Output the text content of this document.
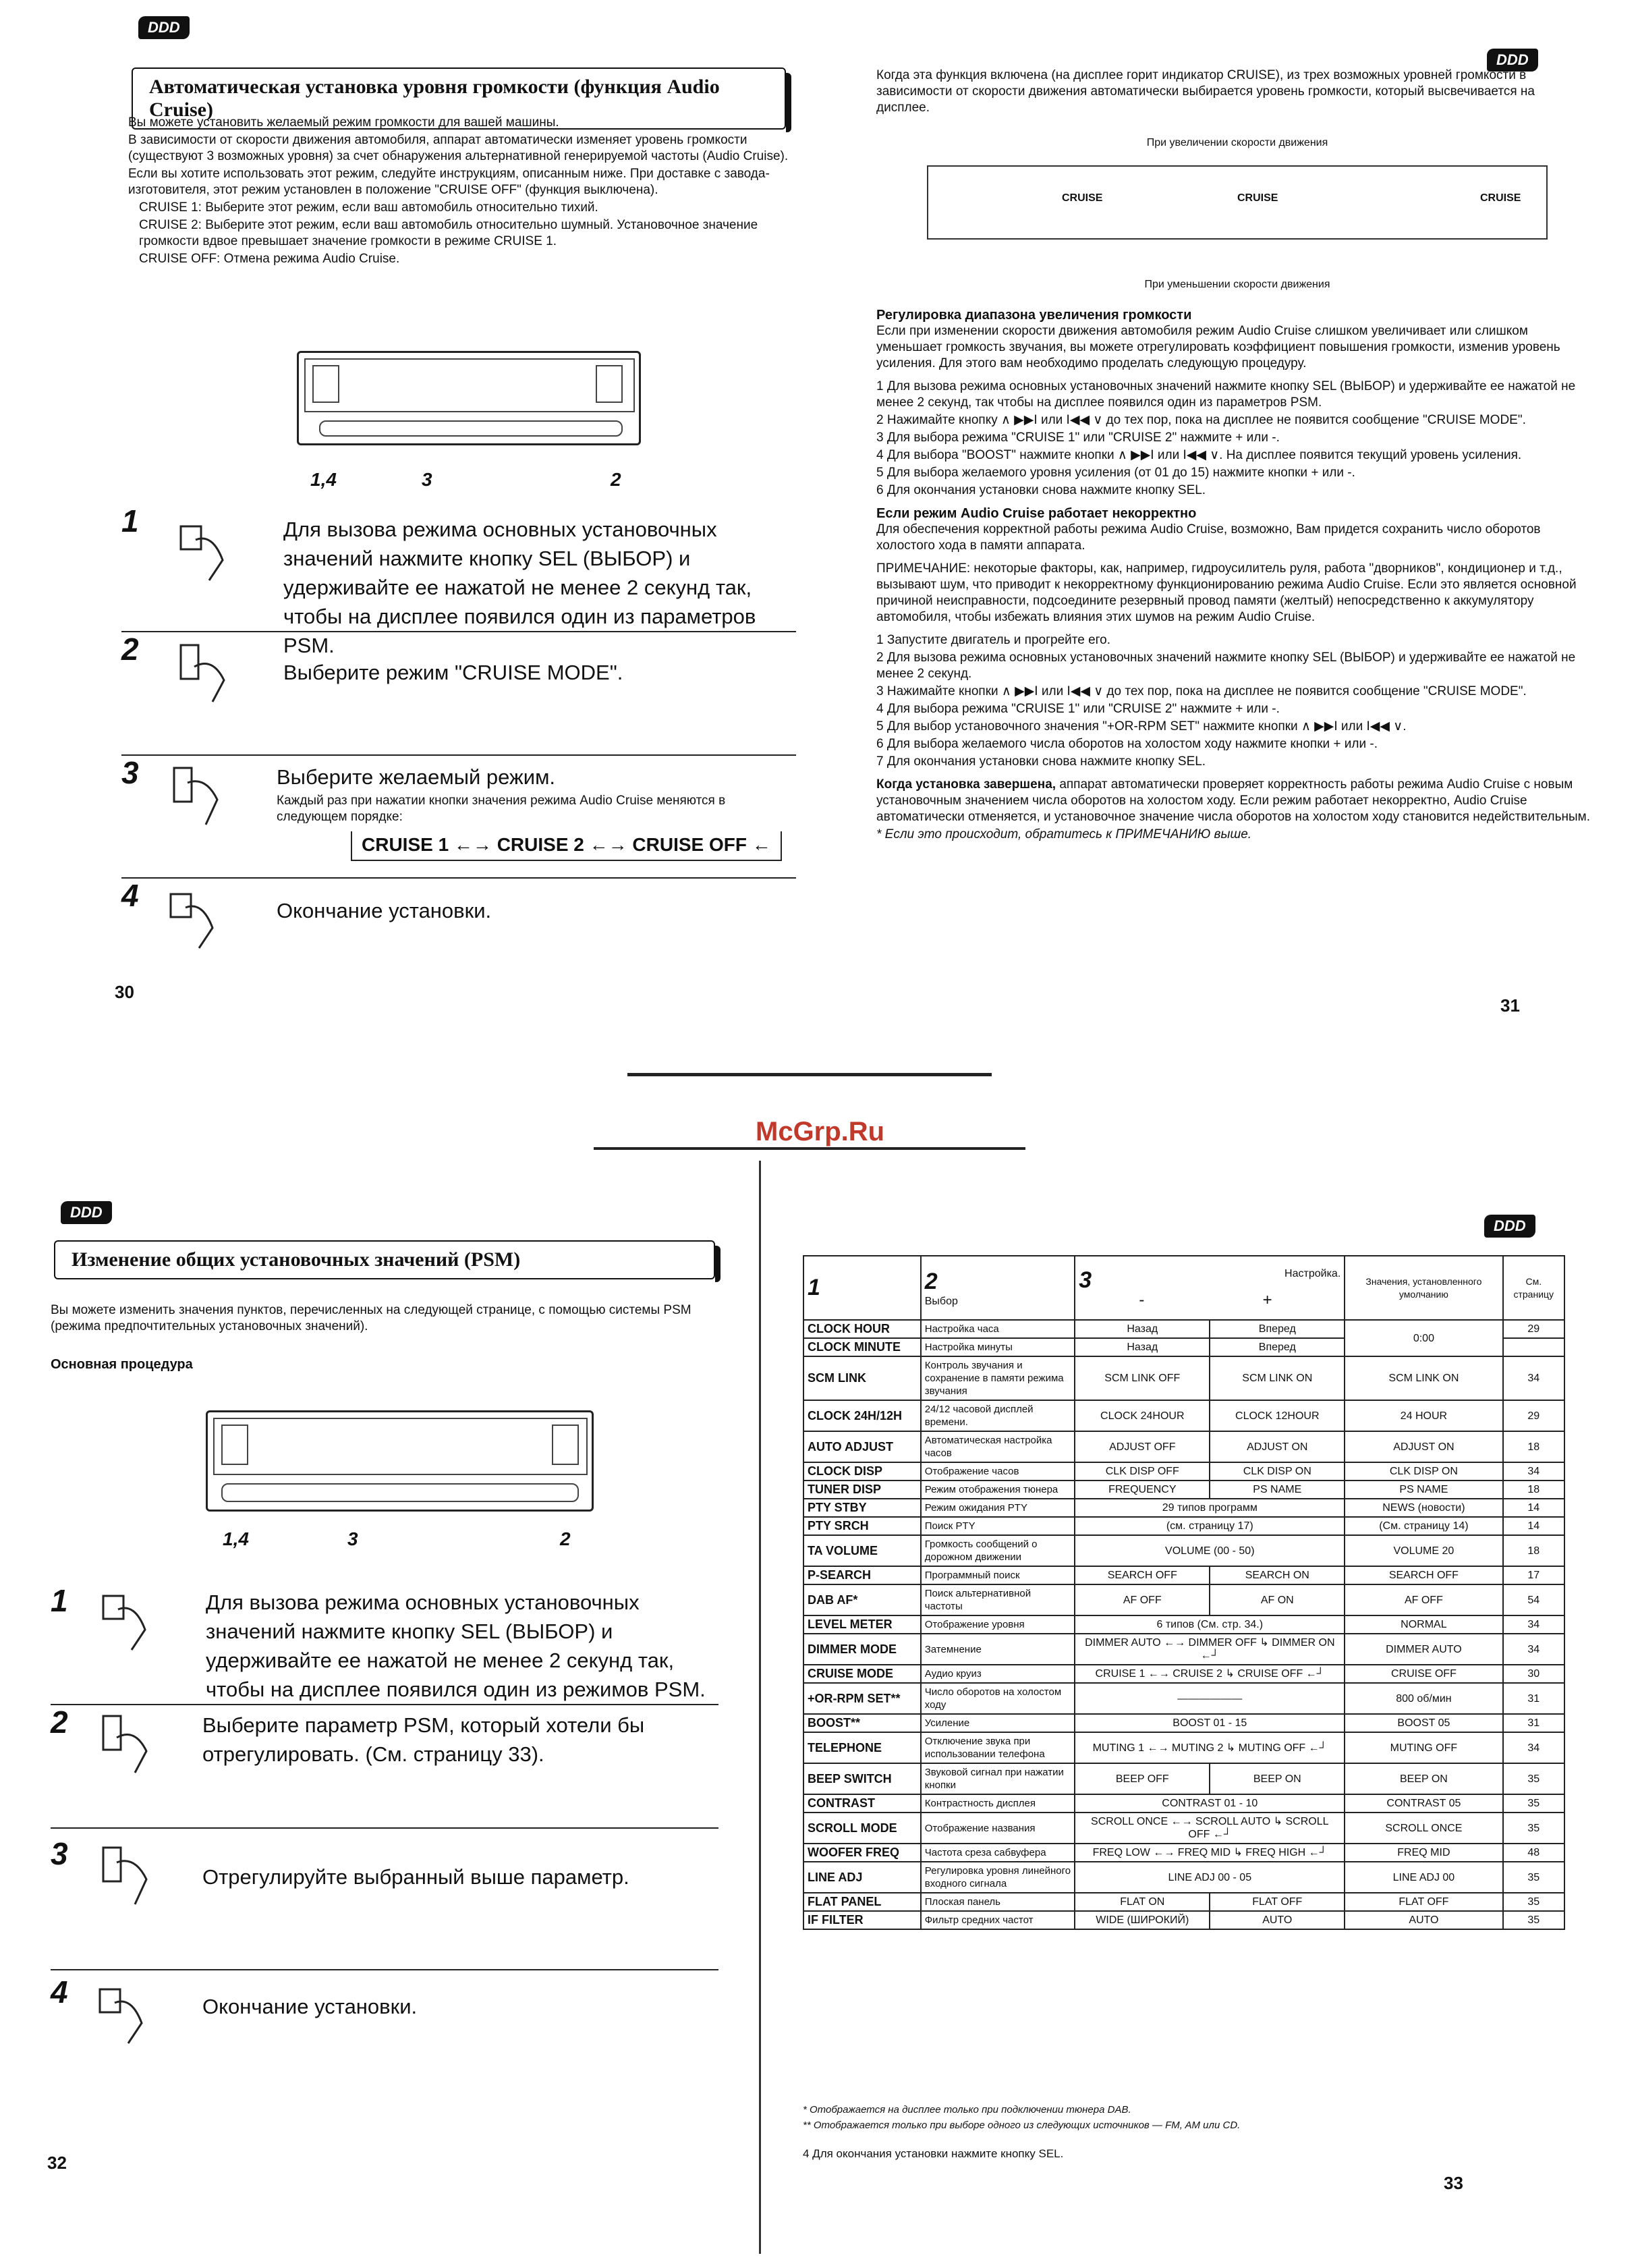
DDD
Автоматическая установка уровня громкости (функция Audio Cruise)
Вы можете установить желаемый режим громкости для вашей машины.
В зависимости от скорости движения автомобиля, аппарат автоматически изменяет уровень громкости (существуют 3 возможных уровня) за счет обнаружения альтернативной генерируемой частоты (Audio Cruise).
Если вы хотите использовать этот режим, следуйте инструкциям, описанным ниже. При доставке с завода-изготовителя, этот режим установлен в положение "CRUISE OFF" (функция выключена).
CRUISE 1: Выберите этот режим, если ваш автомобиль относительно тихий.
CRUISE 2: Выберите этот режим, если ваш автомобиль относительно шумный. Установочное значение громкости вдвое превышает значение громкости в режиме CRUISE 1.
CRUISE OFF: Отмена режима Audio Cruise.
1,4	3	2
1	Для вызова режима основных установочных значений нажмите кнопку SEL (ВЫБОР) и удерживайте ее нажатой не менее 2 секунд так, чтобы на дисплее появился один из параметров PSM.
2
Выберите режим "CRUISE MODE".
3	Выберите желаемый режим.
Каждый раз при нажатии кнопки значения режима Audio Cruise меняются в следующем порядке:
CRUISE 1 ←→ CRUISE 2 ←→ CRUISE OFF ←
4	Окончание установки.
30
DDD
Когда эта функция включена (на дисплее горит индикатор CRUISE), из трех возможных уровней громкости в зависимости от скорости движения автоматически выбирается уровень громкости, который высвечивается на дисплее.
При увеличении скорости движения
CRUISE	CRUISE	CRUISE
При уменьшении скорости движения
Регулировка диапазона увеличения громкости
Если при изменении скорости движения автомобиля режим Audio Cruise слишком увеличивает или слишком уменьшает громкость звучания, вы можете отрегулировать коэффициент повышения громкости, изменив уровень усиления. Для этого вам необходимо проделать следующую процедуру.
1 Для вызова режима основных установочных значений нажмите кнопку SEL (ВЫБОР) и удерживайте ее нажатой не менее 2 секунд, так чтобы на дисплее появился один из параметров PSM.
2 Нажимайте кнопку ∧ ▶▶I или I◀◀ ∨ до тех пор, пока на дисплее не появится сообщение "CRUISE MODE".
3 Для выбора режима "CRUISE 1" или "CRUISE 2" нажмите + или -.
4 Для выбора "BOOST" нажмите кнопки ∧ ▶▶I или I◀◀ ∨. На дисплее появится текущий уровень усиления.
5 Для выбора желаемого уровня усиления (от 01 до 15) нажмите кнопки + или -.
6 Для окончания установки снова нажмите кнопку SEL.
Если режим Audio Cruise работает некорректно
Для обеспечения корректной работы режима Audio Cruise, возможно, Вам придется сохранить число оборотов холостого хода в памяти аппарата.
ПРИМЕЧАНИЕ: некоторые факторы, как, например, гидроусилитель руля, работа "дворников", кондиционер и т.д., вызывают шум, что приводит к некорректному функционированию режима Audio Cruise. Если это является основной причиной неисправности, подсоедините резервный провод памяти (желтый) непосредственно к аккумулятору автомобиля, чтобы избежать влияния этих шумов на режим Audio Cruise.
1 Запустите двигатель и прогрейте его.
2 Для вызова режима основных установочных значений нажмите кнопку SEL (ВЫБОР) и удерживайте ее нажатой не менее 2 секунд.
3 Нажимайте кнопки ∧ ▶▶I или I◀◀ ∨ до тех пор, пока на дисплее не появится сообщение "CRUISE MODE".
4 Для выбора режима "CRUISE 1" или "CRUISE 2" нажмите + или -.
5 Для выбор установочного значения "+OR-RPM SET" нажмите кнопки ∧ ▶▶I или I◀◀ ∨.
6 Для выбора желаемого числа оборотов на холостом ходу нажмите кнопки + или -.
7 Для окончания установки снова нажмите кнопку SEL.
Когда установка завершена, аппарат автоматически проверяет корректность работы режима Audio Cruise с новым установочным значением числа оборотов на холостом ходу. Если режим работает некорректно, Audio Cruise автоматически отменяется, и установочное значение числа оборотов на холостом ходу становится недействительным.
* Если это происходит, обратитесь к ПРИМЕЧАНИЮ выше.
31
McGrp.Ru
DDD
Изменение общих установочных значений (PSM)
Вы можете изменить значения пунктов, перечисленных на следующей странице, с помощью системы PSM (режима предпочтительных установочных значений).
Основная процедура
1,4	3	2
1	Для вызова режима основных установочных значений нажмите кнопку SEL (ВЫБОР) и удерживайте ее нажатой не менее 2 секунд так, чтобы на дисплее появился один из режимов PSM.
2	Выберите параметр PSM, который хотели бы отрегулировать. (См. страницу 33).
3
Отрегулируйте выбранный выше параметр.
4	Окончание установки.
32
DDD
1	2
Выбор	3 Настройка.

- +		Значения, установленного умолчанию	См. страницу
CLOCK HOUR	Настройка часа	Назад	Вперед	0:00	29
CLOCK MINUTE	Настройка минуты	Назад	Вперед		
SCM LINK	Контроль звучания и сохранение в памяти режима звучания	SCM LINK OFF	SCM LINK ON	SCM LINK ON	34
CLOCK 24H/12H	24/12 часовой дисплей времени.	CLOCK 24HOUR	CLOCK 12HOUR	24 HOUR	29
AUTO ADJUST	Автоматическая настройка часов	ADJUST OFF	ADJUST ON	ADJUST ON	18
CLOCK DISP	Отображение часов	CLK DISP OFF	CLK DISP ON	CLK DISP ON	34
TUNER DISP	Режим отображения тюнера	FREQUENCY	PS NAME	PS NAME	18
PTY STBY	Режим ожидания PTY	29 типов программ		NEWS (новости)	14
PTY SRCH	Поиск PTY	(см. страницу 17)		(См. страницу 14)	14
TA VOLUME	Громкость сообщений о дорожном движении	VOLUME (00 - 50)		VOLUME 20	18
P-SEARCH	Программный поиск	SEARCH OFF	SEARCH ON	SEARCH OFF	17
DAB AF*	Поиск альтернативной частоты	AF OFF	AF ON	AF OFF	54
LEVEL METER	Отображение уровня	6 типов (См. стр. 34.)		NORMAL	34
DIMMER MODE	Затемнение	DIMMER AUTO ←→ DIMMER OFF ↳ DIMMER ON ←┘		DIMMER AUTO	34
CRUISE MODE	Аудио круиз	CRUISE 1 ←→ CRUISE 2 ↳ CRUISE OFF ←┘		CRUISE OFF	30
+OR-RPM SET**	Число оборотов на холостом ходу	——————		800 об/мин	31
BOOST**	Усиление	BOOST 01 - 15		BOOST 05	31
TELEPHONE	Отключение звука при использовании телефона	MUTING 1 ←→ MUTING 2 ↳ MUTING OFF ←┘		MUTING OFF	34
BEEP SWITCH	Звуковой сигнал при нажатии кнопки	BEEP OFF	BEEP ON	BEEP ON	35
CONTRAST	Контрастность дисплея	CONTRAST 01 - 10		CONTRAST 05	35
SCROLL MODE	Отображение названия	SCROLL ONCE ←→ SCROLL AUTO ↳ SCROLL OFF ←┘		SCROLL ONCE	35
WOOFER FREQ	Частота среза сабвуфера	FREQ LOW ←→ FREQ MID ↳ FREQ HIGH ←┘		FREQ MID	48
LINE ADJ	Регулировка уровня линейного входного сигнала	LINE ADJ 00 - 05		LINE ADJ 00	35
FLAT PANEL	Плоская панель	FLAT ON	FLAT OFF	FLAT OFF	35
IF FILTER	Фильтр средних частот	WIDE (ШИРОКИЙ)	AUTO	AUTO	35
* Отображается на дисплее только при подключении тюнера DAB.
** Отображается только при выборе одного из следующих источников — FM, AM или CD.
4 Для окончания установки нажмите кнопку SEL.
33
